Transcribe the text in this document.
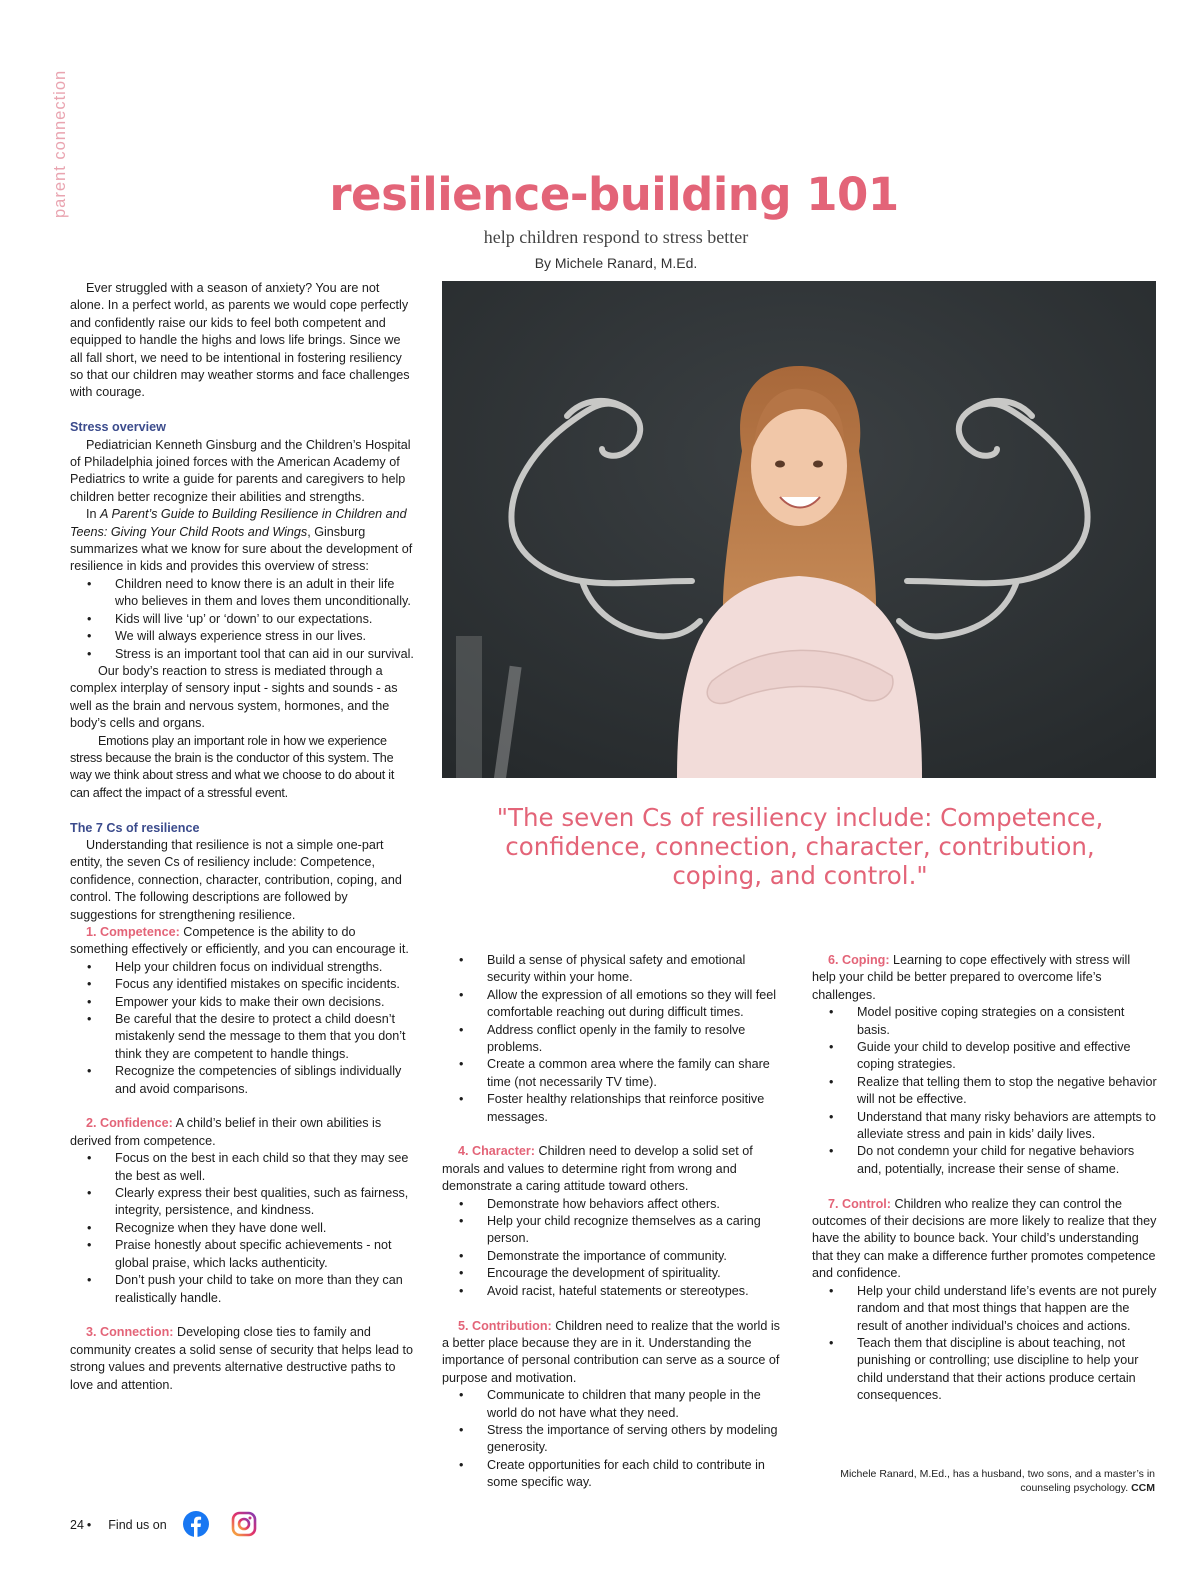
parent connection	resilience-building 101
help children respond to stress better
By Michele Ranard, M.Ed.

Ever struggled with a season of anxiety? You are not alone. In a perfect world, as parents we would cope perfectly and confidently raise our kids to feel both competent and equipped to handle the highs and lows life brings. Since we all fall short, we need to be intentional in fostering resiliency so that our children may weather storms and face challenges with courage.

Stress overview

Pediatrician Kenneth Ginsburg and the Children’s Hospital of Philadelphia joined forces with the American Academy of Pediatrics to write a guide for parents and caregivers to help children better recognize their abilities and strengths.

In A Parent’s Guide to Building Resilience in Children and Teens: Giving Your Child Roots and Wings, Ginsburg summarizes what we know for sure about the development of resilience in kids and provides this overview of stress:

• Children need to know there is an adult in their life who believes in them and loves them unconditionally.
• Kids will live ‘up’ or ‘down’ to our expectations.
• We will always experience stress in our lives.
• Stress is an important tool that can aid in our survival.

Our body’s reaction to stress is mediated through a complex interplay of sensory input - sights and sounds - as well as the brain and nervous system, hormones, and the body’s cells and organs.

Emotions play an important role in how we experience stress because the brain is the conductor of this system. The way we think about stress and what we choose to do about it can affect the impact of a stressful event.

The 7 Cs of resilience

Understanding that resilience is not a simple one-part entity, the seven Cs of resiliency include: Competence, confidence, connection, character, contribution, coping, and control. The following descriptions are followed by suggestions for strengthening resilience.

1. Competence: Competence is the ability to do something effectively or efficiently, and you can encourage it.

• Help your children focus on individual strengths.
• Focus any identified mistakes on specific incidents.
• Empower your kids to make their own decisions.
• Be careful that the desire to protect a child doesn’t mistakenly send the message to them that you don’t think they are competent to handle things.
• Recognize the competencies of siblings individually and avoid comparisons.

2. Confidence: A child’s belief in their own abilities is derived from competence.

• Focus on the best in each child so that they may see the best as well.
• Clearly express their best qualities, such as fairness, integrity, persistence, and kindness.
• Recognize when they have done well.
• Praise honestly about specific achievements - not global praise, which lacks authenticity.
• Don’t push your child to take on more than they can realistically handle.

3. Connection: Developing close ties to family and community creates a solid sense of security that helps lead to strong values and prevents alternative destructive paths to love and attention.

"The seven Cs of resiliency include: Competence, confidence, connection, character, contribution, coping, and control."
• Build a sense of physical safety and emotional security within your home.
• Allow the expression of all emotions so they will feel comfortable reaching out during difficult times.
• Address conflict openly in the family to resolve problems.
• Create a common area where the family can share time (not necessarily TV time).
• Foster healthy relationships that reinforce positive messages.

4. Character: Children need to develop a solid set of morals and values to determine right from wrong and demonstrate a caring attitude toward others.

• Demonstrate how behaviors affect others.
• Help your child recognize themselves as a caring person.
• Demonstrate the importance of community.
• Encourage the development of spirituality.
• Avoid racist, hateful statements or stereotypes.

5. Contribution: Children need to realize that the world is a better place because they are in it. Understanding the importance of personal contribution can serve as a source of purpose and motivation.

• Communicate to children that many people in the world do not have what they need.
• Stress the importance of serving others by modeling generosity.
• Create opportunities for each child to contribute in some specific way.

6. Coping: Learning to cope effectively with stress will help your child be better prepared to overcome life’s challenges.

• Model positive coping strategies on a consistent basis.
• Guide your child to develop positive and effective coping strategies.
• Realize that telling them to stop the negative behavior will not be effective.
• Understand that many risky behaviors are attempts to alleviate stress and pain in kids’ daily lives.
• Do not condemn your child for negative behaviors and, potentially, increase their sense of shame.

7. Control: Children who realize they can control the outcomes of their decisions are more likely to realize that they have the ability to bounce back. Your child’s understanding that they can make a difference further promotes competence and confidence.

• Help your child understand life’s events are not purely random and that most things that happen are the result of another individual’s choices and actions.
• Teach them that discipline is about teaching, not punishing or controlling; use discipline to help your child understand that their actions produce certain consequences.
Michele Ranard, M.Ed., has a husband, two sons, and a master’s in counseling psychology. CCM
24 • Find us on
